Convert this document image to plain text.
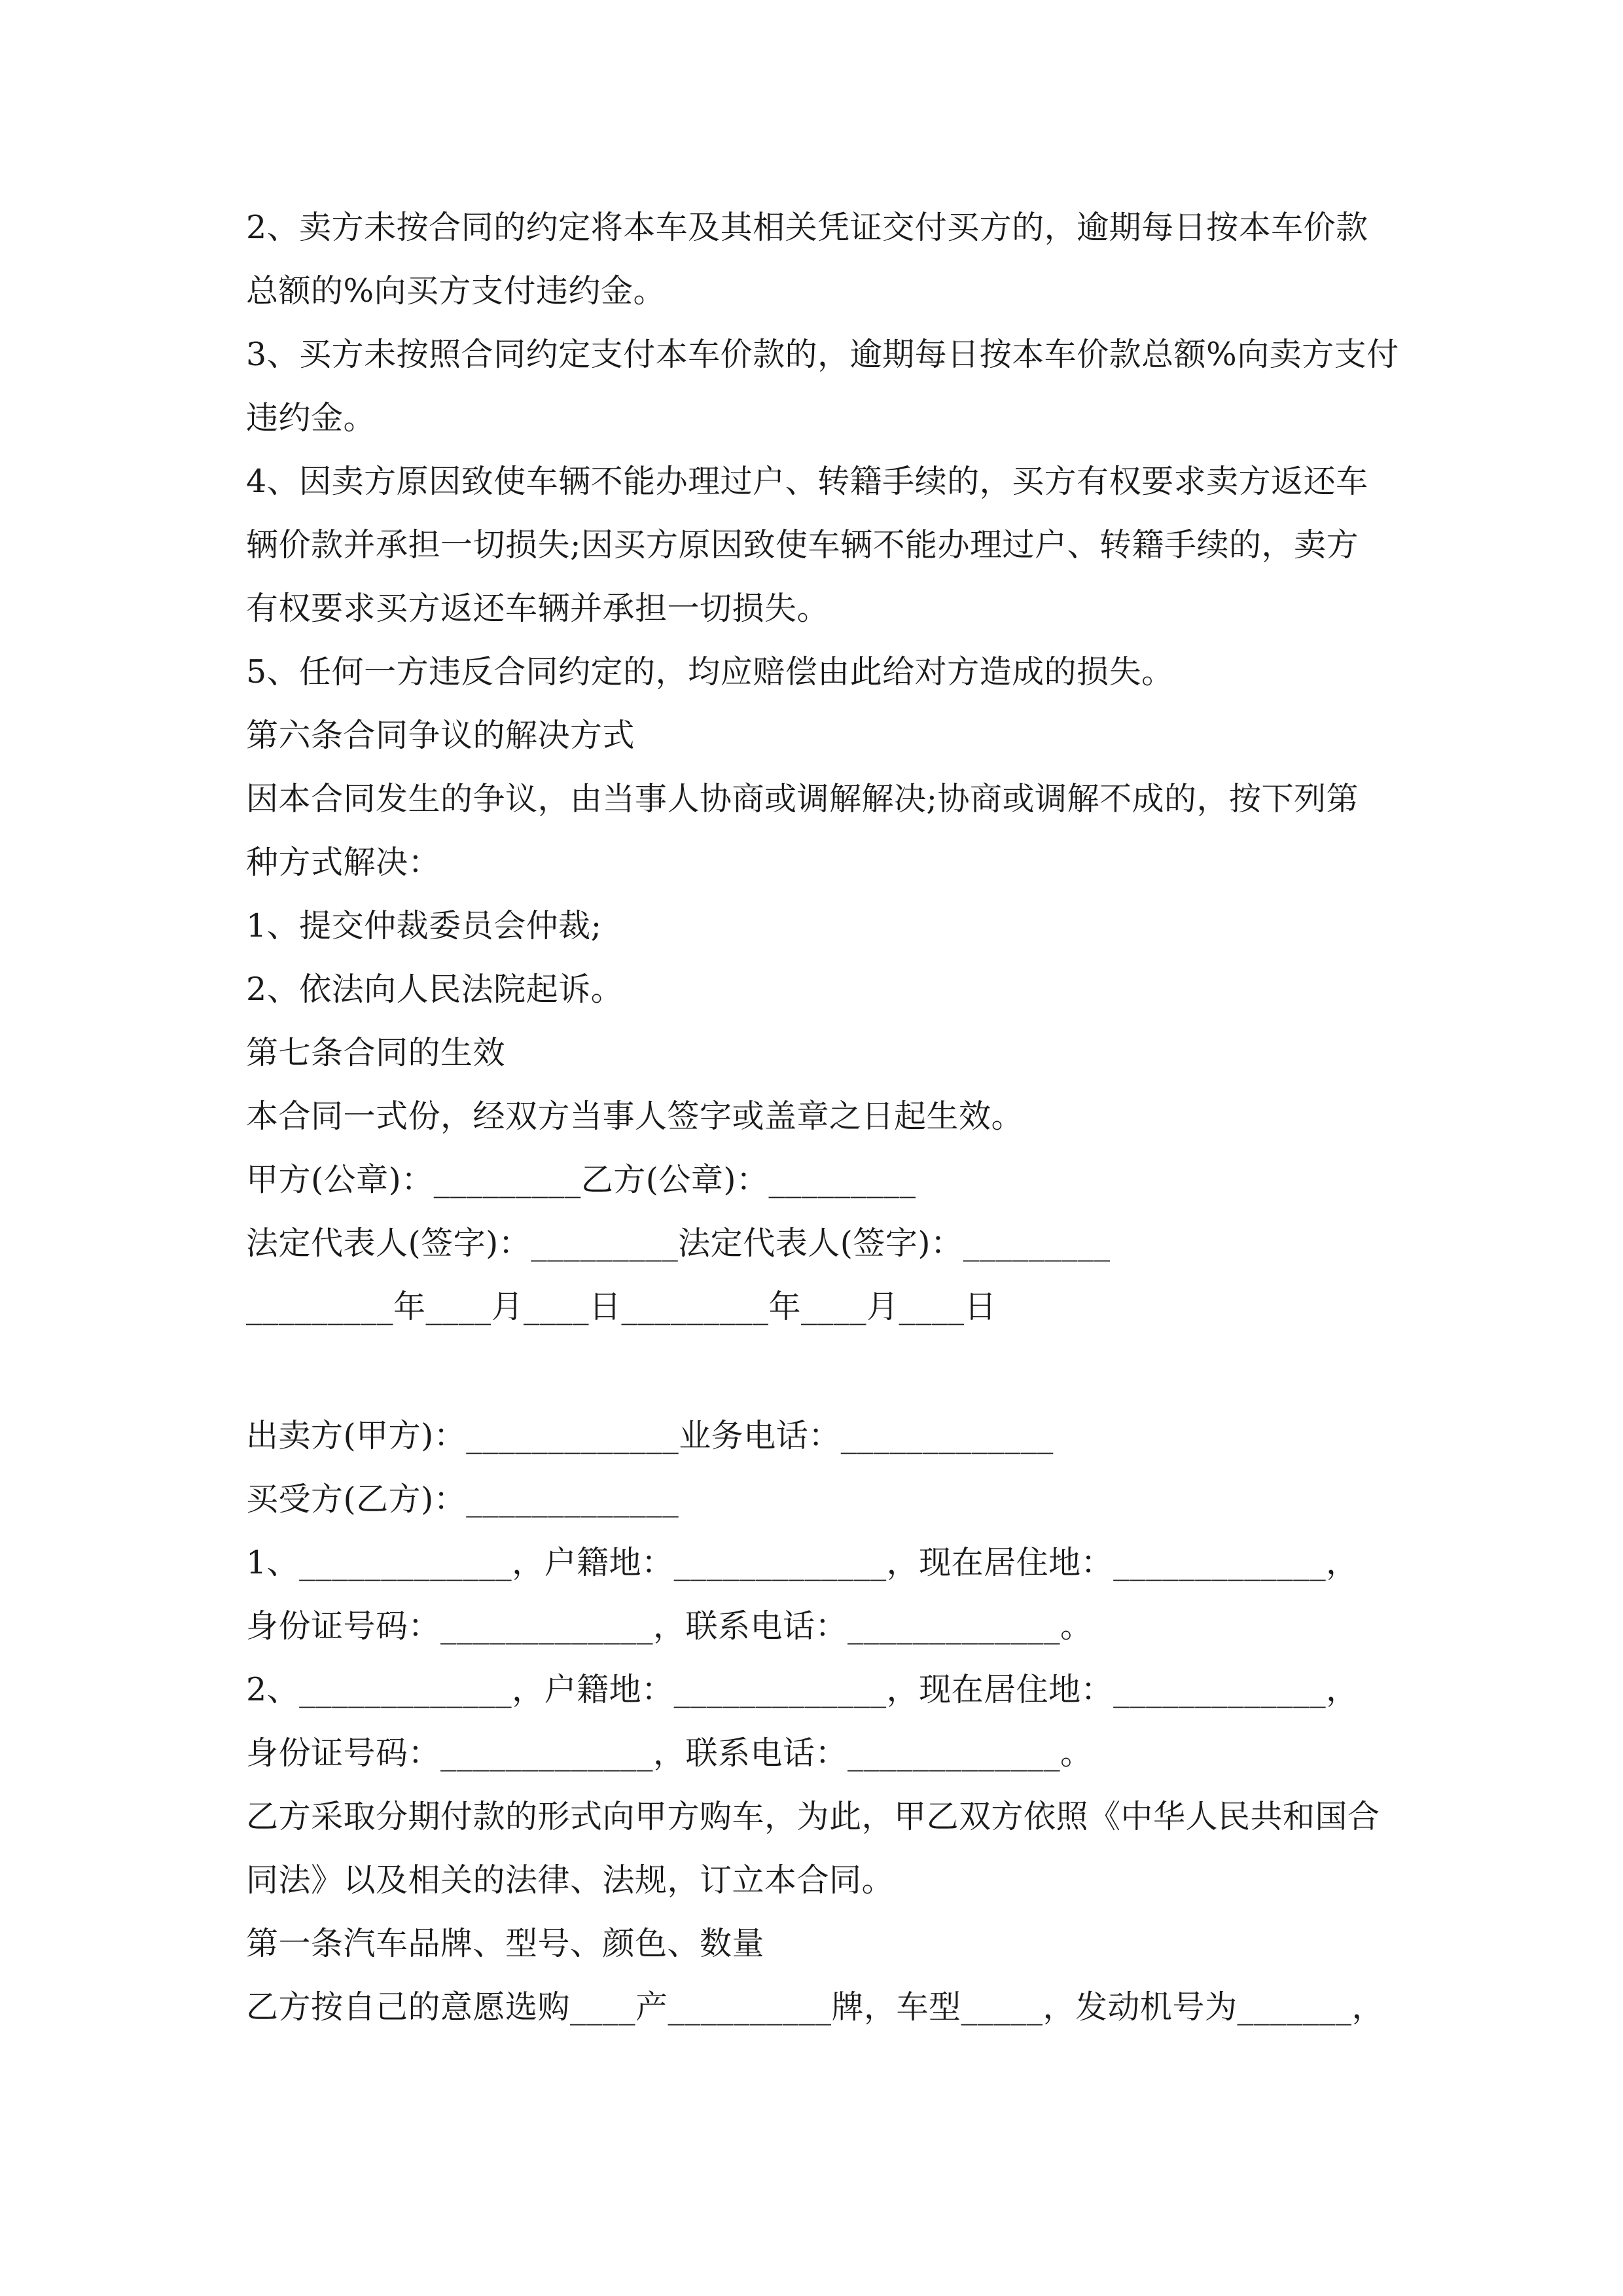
2、卖方未按合同的约定将本车及其相关凭证交付买方的，逾期每日按本车价款
总额的%向买方支付违约金。
3、买方未按照合同约定支付本车价款的，逾期每日按本车价款总额%向卖方支付
违约金。
4、因卖方原因致使车辆不能办理过户、转籍手续的，买方有权要求卖方返还车
辆价款并承担一切损失;因买方原因致使车辆不能办理过户、转籍手续的，卖方
有权要求买方返还车辆并承担一切损失。
5、任何一方违反合同约定的，均应赔偿由此给对方造成的损失。
第六条合同争议的解决方式
因本合同发生的争议，由当事人协商或调解解决;协商或调解不成的，按下列第
种方式解决：
1、提交仲裁委员会仲裁;
2、依法向人民法院起诉。
第七条合同的生效
本合同一式份，经双方当事人签字或盖章之日起生效。
甲方(公章)：_________乙方(公章)：_________
法定代表人(签字)：_________法定代表人(签字)：_________
_________年____月____日_________年____月____日
出卖方(甲方)：_____________业务电话：_____________
买受方(乙方)：_____________
1、_____________，户籍地：_____________，现在居住地：_____________，
身份证号码：_____________，联系电话：_____________。
2、_____________，户籍地：_____________，现在居住地：_____________，
身份证号码：_____________，联系电话：_____________。
乙方采取分期付款的形式向甲方购车，为此，甲乙双方依照《中华人民共和国合
同法》以及相关的法律、法规，订立本合同。
第一条汽车品牌、型号、颜色、数量
乙方按自己的意愿选购____产__________牌，车型_____，发动机号为_______，
